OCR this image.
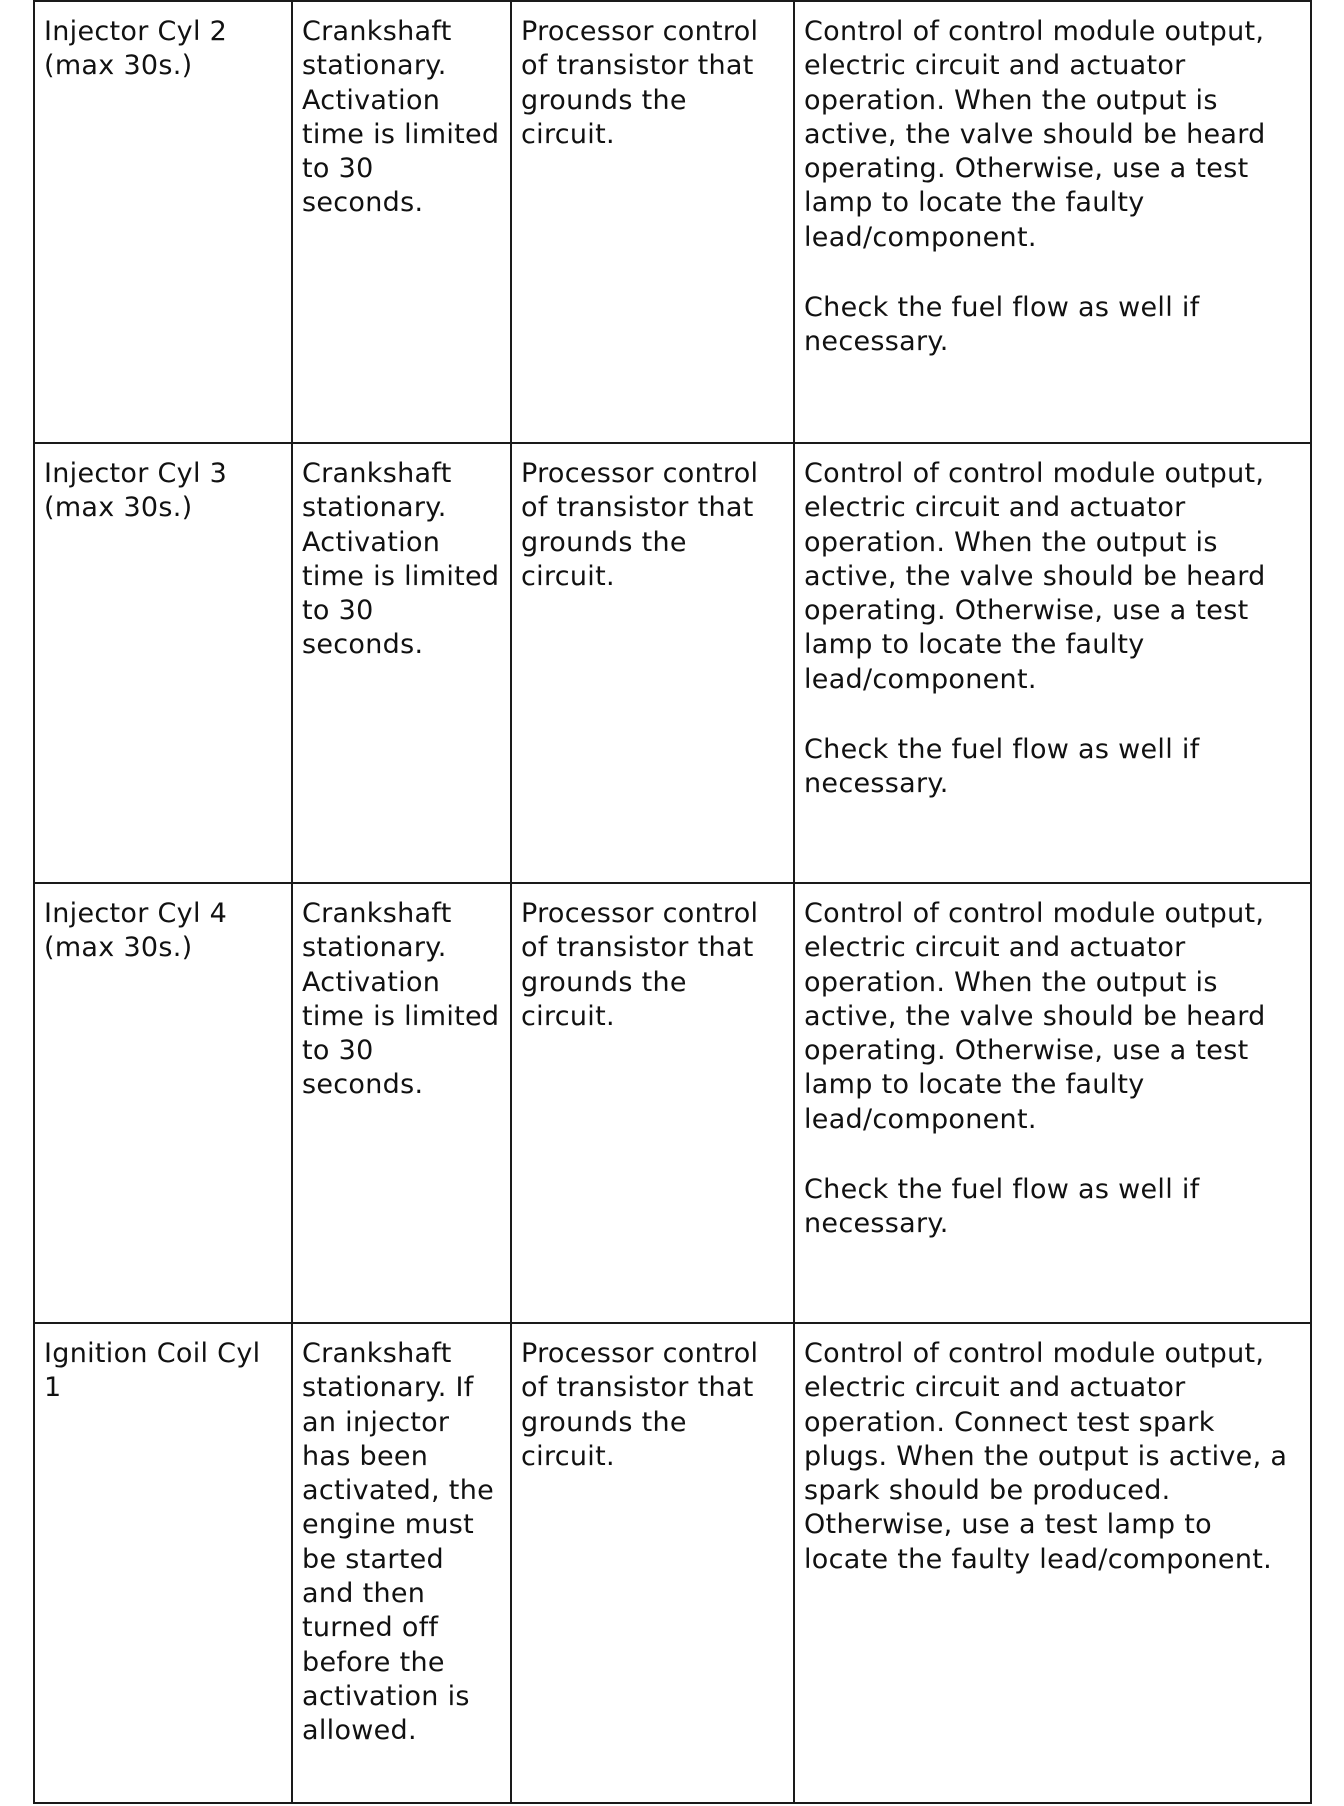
Injector Cyl 2 (max 30s.)	Crankshaft stationary. Activation time is limited to 30 seconds.	Processor control of transistor that grounds the circuit.	Control of control module output, electric circuit and actuator operation. When the output is active, the valve should be heard operating. Otherwise, use a test lamp to locate the faulty lead/component.

Check the fuel flow as well if necessary.

Injector Cyl 3 (max 30s.)	Crankshaft stationary. Activation time is limited to 30 seconds.	Processor control of transistor that grounds the circuit.	Control of control module output, electric circuit and actuator operation. When the output is active, the valve should be heard operating. Otherwise, use a test lamp to locate the faulty lead/component.

Check the fuel flow as well if necessary.

Injector Cyl 4 (max 30s.)	Crankshaft stationary. Activation time is limited to 30 seconds.	Processor control of transistor that grounds the circuit.	Control of control module output, electric circuit and actuator operation. When the output is active, the valve should be heard operating. Otherwise, use a test lamp to locate the faulty lead/component.

Check the fuel flow as well if necessary.

Ignition Coil Cyl 1	Crankshaft stationary. If an injector has been activated, the engine must be started and then turned off before the activation is allowed.	Processor control of transistor that grounds the circuit.	Control of control module output, electric circuit and actuator operation. Connect test spark plugs. When the output is active, a spark should be produced. Otherwise, use a test lamp to locate the faulty lead/component.
